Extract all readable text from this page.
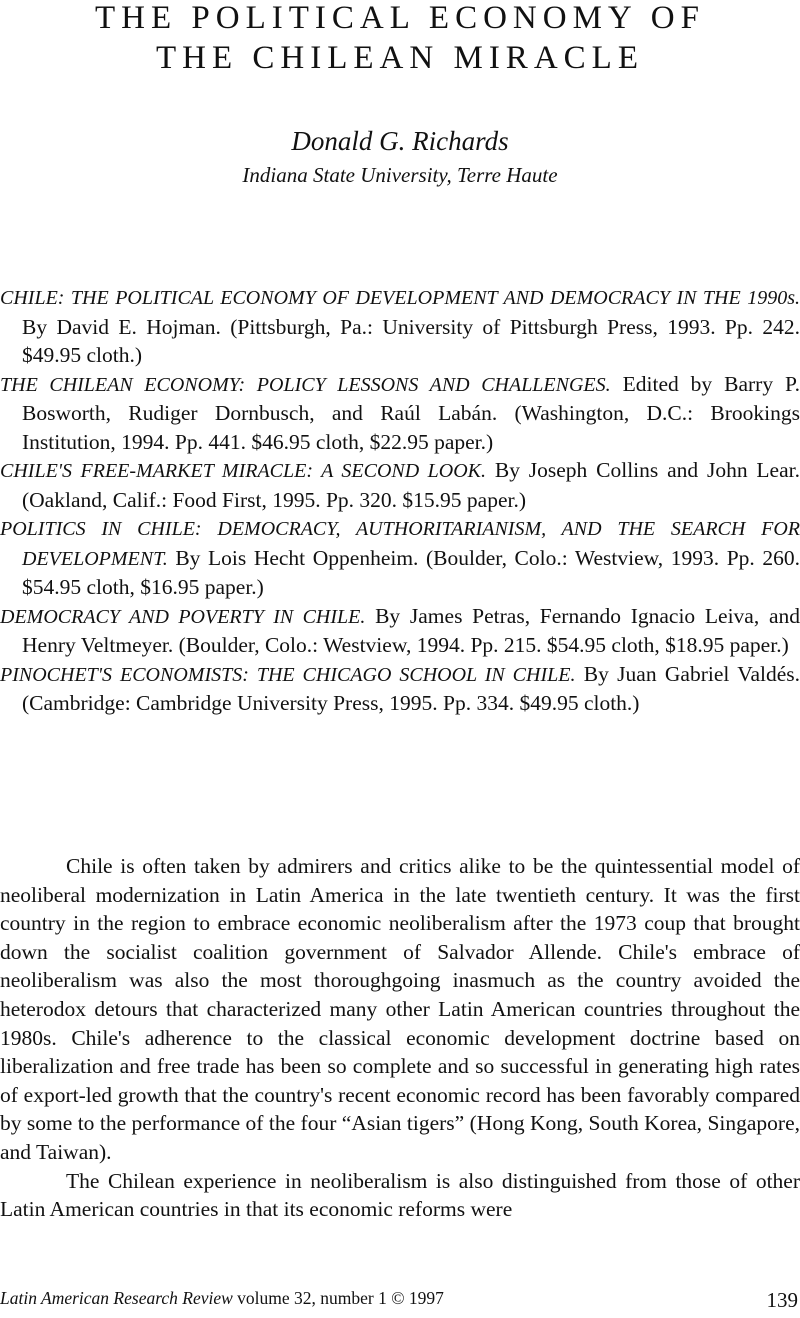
THE POLITICAL ECONOMY OF
THE CHILEAN MIRACLE
Donald G. Richards
Indiana State University, Terre Haute
CHILE: THE POLITICAL ECONOMY OF DEVELOPMENT AND DEMOCRACY IN THE 1990s. By David E. Hojman. (Pittsburgh, Pa.: University of Pittsburgh Press, 1993. Pp. 242. $49.95 cloth.)
THE CHILEAN ECONOMY: POLICY LESSONS AND CHALLENGES. Edited by Barry P. Bosworth, Rudiger Dornbusch, and Raúl Labán. (Washington, D.C.: Brookings Institution, 1994. Pp. 441. $46.95 cloth, $22.95 paper.)
CHILE'S FREE-MARKET MIRACLE: A SECOND LOOK. By Joseph Collins and John Lear. (Oakland, Calif.: Food First, 1995. Pp. 320. $15.95 paper.)
POLITICS IN CHILE: DEMOCRACY, AUTHORITARIANISM, AND THE SEARCH FOR DEVELOPMENT. By Lois Hecht Oppenheim. (Boulder, Colo.: Westview, 1993. Pp. 260. $54.95 cloth, $16.95 paper.)
DEMOCRACY AND POVERTY IN CHILE. By James Petras, Fernando Ignacio Leiva, and Henry Veltmeyer. (Boulder, Colo.: Westview, 1994. Pp. 215. $54.95 cloth, $18.95 paper.)
PINOCHET'S ECONOMISTS: THE CHICAGO SCHOOL IN CHILE. By Juan Gabriel Valdés. (Cambridge: Cambridge University Press, 1995. Pp. 334. $49.95 cloth.)

Chile is often taken by admirers and critics alike to be the quintessential model of neoliberal modernization in Latin America in the late twentieth century. It was the first country in the region to embrace economic neoliberalism after the 1973 coup that brought down the socialist coalition government of Salvador Allende. Chile's embrace of neoliberalism was also the most thoroughgoing inasmuch as the country avoided the heterodox detours that characterized many other Latin American countries throughout the 1980s. Chile's adherence to the classical economic development doctrine based on liberalization and free trade has been so complete and so successful in generating high rates of export-led growth that the country's recent economic record has been favorably compared by some to the performance of the four “Asian tigers” (Hong Kong, South Korea, Singapore, and Taiwan).

The Chilean experience in neoliberalism is also distinguished from those of other Latin American countries in that its economic reforms were

Latin American Research Review volume 32, number 1 © 1997	139
